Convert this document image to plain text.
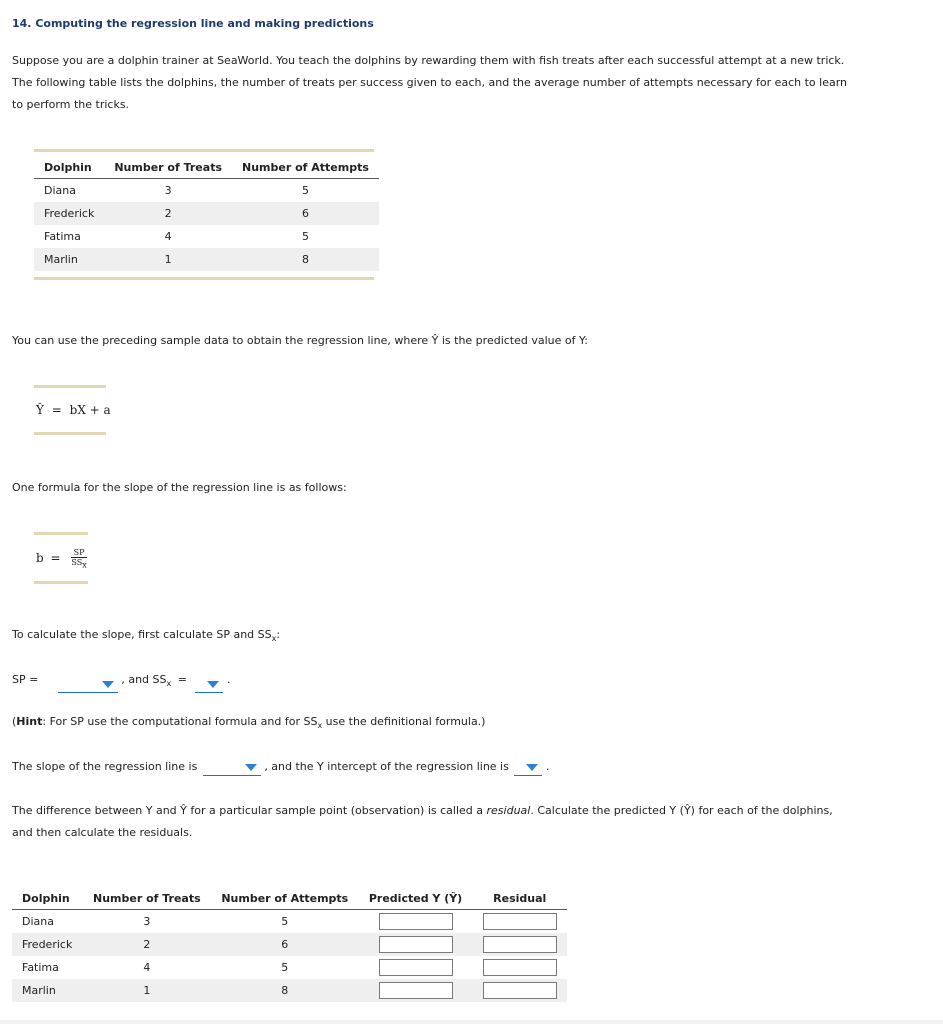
14. Computing the regression line and making predictions

Suppose you are a dolphin trainer at SeaWorld. You teach the dolphins by rewarding them with fish treats after each successful attempt at a new trick.

The following table lists the dolphins, the number of treats per success given to each, and the average number of attempts necessary for each to learn

to perform the tricks.

Dolphin	Number of Treats	Number of Attempts
Diana	3	5
Frederick	2	6
Fatima	4	5
Marlin	1	8
You can use the preceding sample data to obtain the regression line, where Ŷ is the predicted value of Y:
Ŷ = bX + a
One formula for the slope of the regression line is as follows:
$b = \frac{SP}{SS_x}$
To calculate the slope, first calculate SP and $SS_x$:
SP =	, and $SS_x$ =	.
(Hint: For SP use the computational formula and for $SS_x$ use the definitional formula.)
The slope of the regression line is	, and the Y intercept of the regression line is	.

The difference between Y and Ŷ for a particular sample point (observation) is called a residual. Calculate the predicted Y (Ŷ) for each of the dolphins,

and then calculate the residuals.

Dolphin	Number of Treats	Number of Attempts	Predicted Y (Ŷ)	Residual
Diana	3	5	

Frederick	2	6	

Fatima	4	5	

Marlin	1	8	
